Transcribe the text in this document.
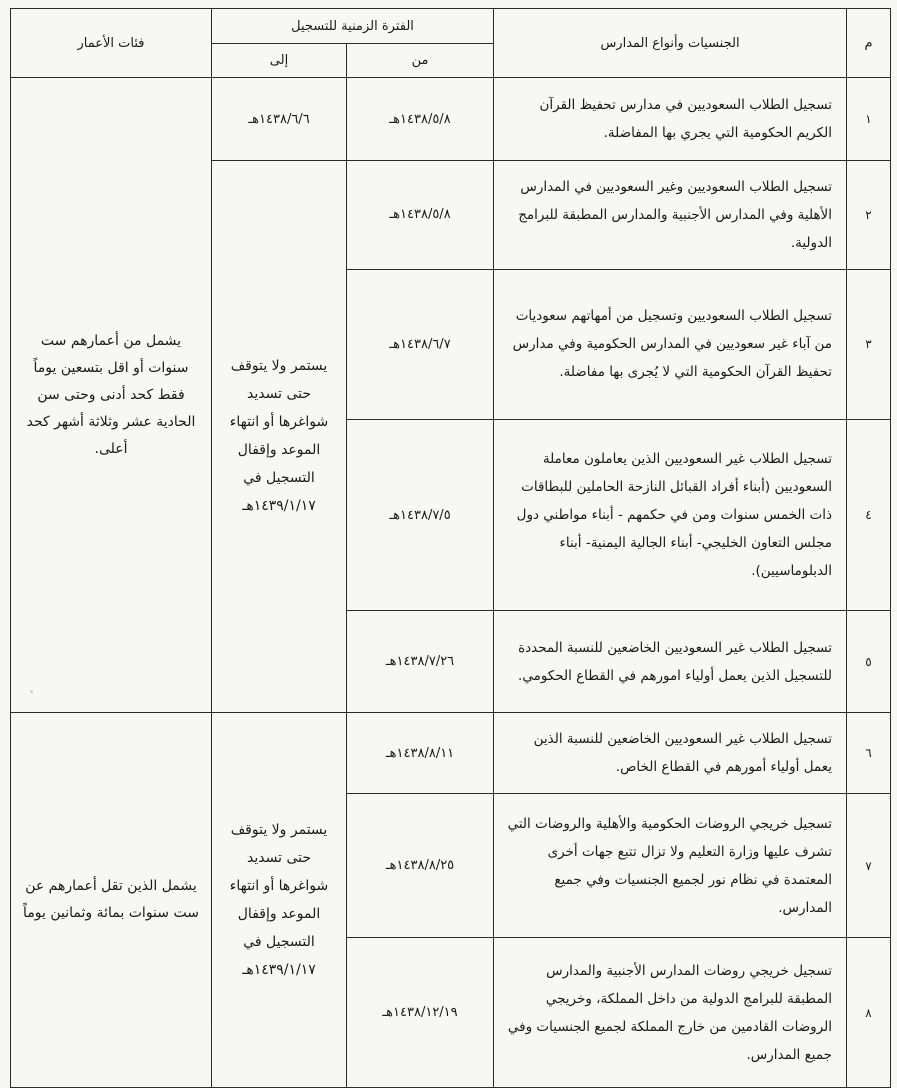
م	الجنسيات وأنواع المدارس	الفترة الزمنية للتسجيل		فئات الأعمار
		من	إلى	
١	تسجيل الطلاب السعوديين في مدارس تحفيظ القرآن الكريم الحكومية التي يجري بها المفاضلة.	١٤٣٨/٥/٨هـ	١٤٣٨/٦/٦هـ	يشمل من أعمارهم ست سنوات أو اقل بتسعين يوماً فقط كحد أدنى وحتى سن الحادية عشر وثلاثة أشهر كحد أعلى.
٢	تسجيل الطلاب السعوديين وغير السعوديين في المدارس الأهلية وفي المدارس الأجنبية والمدارس المطبقة للبرامج الدولية.	١٤٣٨/٥/٨هـ	يستمر ولا يتوقف حتى تسديد شواغرها أو انتهاء الموعد وإقفال التسجيل في ١٤٣٩/١/١٧هـ	
٣	تسجيل الطلاب السعوديين وتسجيل من أمهاتهم سعوديات من آباء غير سعوديين في المدارس الحكومية وفي مدارس تحفيظ القرآن الحكومية التي لا يُجرى بها مفاضلة.	١٤٣٨/٦/٧هـ		
٤	تسجيل الطلاب غير السعوديين الذين يعاملون معاملة السعوديين (أبناء أفراد القبائل النازحة الحاملين للبطاقات ذات الخمس سنوات ومن في حكمهم - أبناء مواطني دول مجلس التعاون الخليجي- أبناء الجالية اليمنية- أبناء الدبلوماسيين).	١٤٣٨/٧/٥هـ		
٥	تسجيل الطلاب غير السعوديين الخاضعين للنسبة المحددة للتسجيل الذين يعمل أولياء امورهم في القطاع الحكومي.	١٤٣٨/٧/٢٦هـ		
٦	تسجيل الطلاب غير السعوديين الخاضعين للنسبة الذين يعمل أولياء أمورهم في القطاع الخاص.	١٤٣٨/٨/١١هـ	يستمر ولا يتوقف حتى تسديد شواغرها أو انتهاء الموعد وإقفال التسجيل في ١٤٣٩/١/١٧هـ	يشمل الذين تقل أعمارهم عن ست سنوات بمائة وثمانين يوماً
٧	تسجيل خريجي الروضات الحكومية والأهلية والروضات التي تشرف عليها وزارة التعليم ولا تزال تتبع جهات أخرى المعتمدة في نظام نور لجميع الجنسيات وفي جميع المدارس.	١٤٣٨/٨/٢٥هـ		
٨	تسجيل خريجي روضات المدارس الأجنبية والمدارس المطبقة للبرامج الدولية من داخل المملكة، وخريجي الروضات القادمين من خارج المملكة لجميع الجنسيات وفي جميع المدارس.	١٤٣٨/١٢/١٩هـ		
